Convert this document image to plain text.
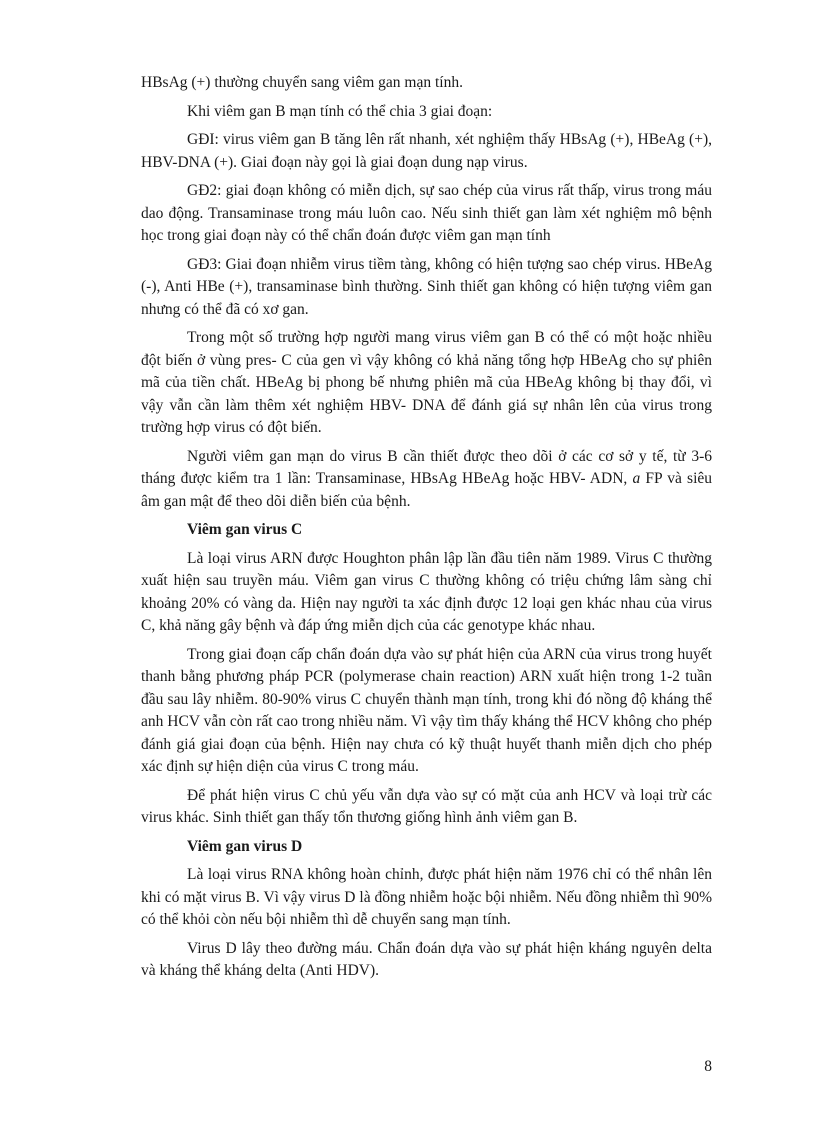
HBsAg (+) thường chuyển sang viêm gan mạn tính.

Khi viêm gan B mạn tính có thể chia 3 giai đoạn:

GĐI: virus viêm gan B tăng lên rất nhanh, xét nghiệm thấy HBsAg (+), HBeAg (+), HBV-DNA (+). Giai đoạn này gọi là giai đoạn dung nạp virus.

GĐ2: giai đoạn không có miễn dịch, sự sao chép của virus rất thấp, virus trong máu dao động. Transaminase trong máu luôn cao. Nếu sinh thiết gan làm xét nghiệm mô bệnh học trong giai đoạn này có thể chẩn đoán được viêm gan mạn tính

GĐ3: Giai đoạn nhiễm virus tiềm tàng, không có hiện tượng sao chép virus. HBeAg (-), Anti HBe (+), transaminase bình thường. Sinh thiết gan không có hiện tượng viêm gan nhưng có thể đã có xơ gan.

Trong một số trường hợp người mang virus viêm gan B có thể có một hoặc nhiều đột biến ở vùng pres- C của gen vì vậy không có khả năng tổng hợp HBeAg cho sự phiên mã của tiền chất. HBeAg bị phong bế nhưng phiên mã của HBeAg không bị thay đổi, vì vậy vẫn cần làm thêm xét nghiệm HBV- DNA để đánh giá sự nhân lên của virus trong trường hợp virus có đột biến.

Người viêm gan mạn do virus B cần thiết được theo dõi ở các cơ sở y tế, từ 3-6 tháng được kiểm tra 1 lần: Transaminase, HBsAg HBeAg hoặc HBV- ADN, a FP và siêu âm gan mật để theo dõi diễn biến của bệnh.

Viêm gan virus C

Là loại virus ARN được Houghton phân lập lần đầu tiên năm 1989. Virus C thường xuất hiện sau truyền máu. Viêm gan virus C thường không có triệu chứng lâm sàng chỉ khoảng 20% có vàng da. Hiện nay người ta xác định được 12 loại gen khác nhau của virus C, khả năng gây bệnh và đáp ứng miễn dịch của các genotype khác nhau.

Trong giai đoạn cấp chẩn đoán dựa vào sự phát hiện của ARN của virus trong huyết thanh bằng phương pháp PCR (polymerase chain reaction) ARN xuất hiện trong 1-2 tuần đầu sau lây nhiễm. 80-90% virus C chuyển thành mạn tính, trong khi đó nồng độ kháng thể anh HCV vẫn còn rất cao trong nhiều năm. Vì vậy tìm thấy kháng thể HCV không cho phép đánh giá giai đoạn của bệnh. Hiện nay chưa có kỹ thuật huyết thanh miễn dịch cho phép xác định sự hiện diện của virus C trong máu.

Để phát hiện virus C chủ yếu vẫn dựa vào sự có mặt của anh HCV và loại trừ các virus khác. Sinh thiết gan thấy tổn thương giống hình ảnh viêm gan B.

Viêm gan virus D

Là loại virus RNA không hoàn chỉnh, được phát hiện năm 1976 chỉ có thể nhân lên khi có mặt virus B. Vì vậy virus D là đồng nhiễm hoặc bội nhiễm. Nếu đồng nhiễm thì 90% có thể khỏi còn nếu bội nhiễm thì dễ chuyển sang mạn tính.

Virus D lây theo đường máu. Chẩn đoán dựa vào sự phát hiện kháng nguyên delta và kháng thể kháng delta (Anti HDV).

8
